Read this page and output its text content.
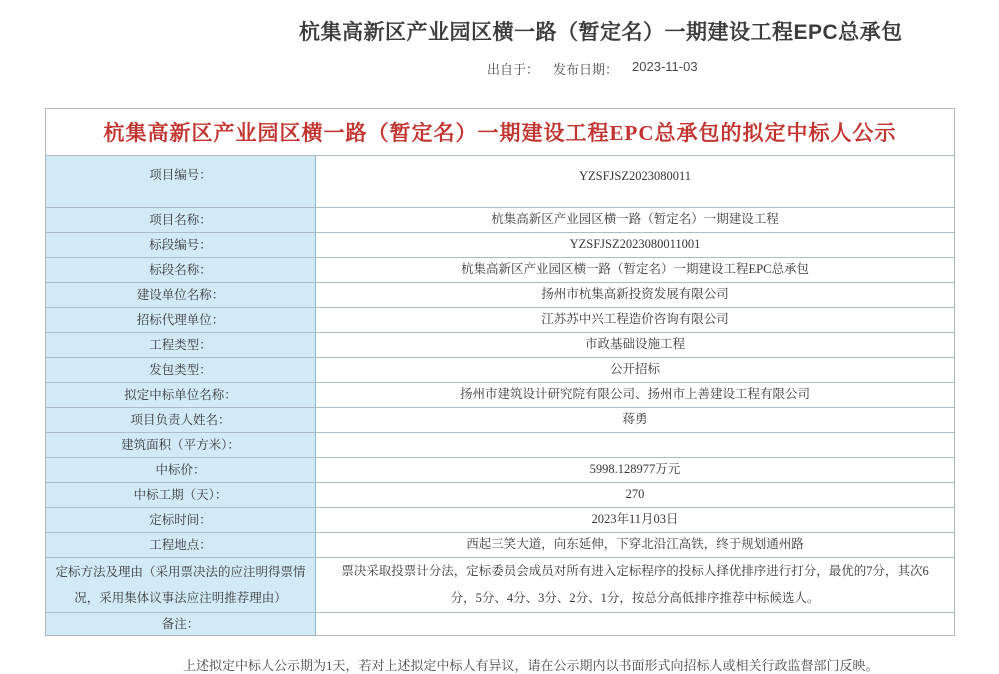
杭集高新区产业园区横一路（暂定名）一期建设工程EPC总承包
出自于： 发布日期： 2023-11-03
杭集高新区产业园区横一路（暂定名）一期建设工程EPC总承包的拟定中标人公示
项目编号：	YZSFJSZ2023080011
项目名称：	杭集高新区产业园区横一路（暂定名）一期建设工程
标段编号：	YZSFJSZ2023080011001
标段名称：	杭集高新区产业园区横一路（暂定名）一期建设工程EPC总承包
建设单位名称：	扬州市杭集高新投资发展有限公司
招标代理单位：	江苏苏中兴工程造价咨询有限公司
工程类型：	市政基础设施工程
发包类型：	公开招标
拟定中标单位名称：	扬州市建筑设计研究院有限公司、扬州市上善建设工程有限公司
项目负责人姓名：	蒋勇
建筑面积（平方米）：
中标价：	5998.128977万元
中标工期（天）：	270
定标时间：	2023年11月03日
工程地点：	西起三笑大道，向东延伸，下穿北沿江高铁，终于规划通州路
定标方法及理由（采用票决法的应注明得票情况，采用集体议事法应注明推荐理由）
票决采取投票计分法，定标委员会成员对所有进入定标程序的投标人择优排序进行打分，最优的7分，其次6分，5分、4分、3分、2分、1分，按总分高低排序推荐中标候选人。
备注：
上述拟定中标人公示期为1天，若对上述拟定中标人有异议，请在公示期内以书面形式向招标人或相关行政监督部门反映。
